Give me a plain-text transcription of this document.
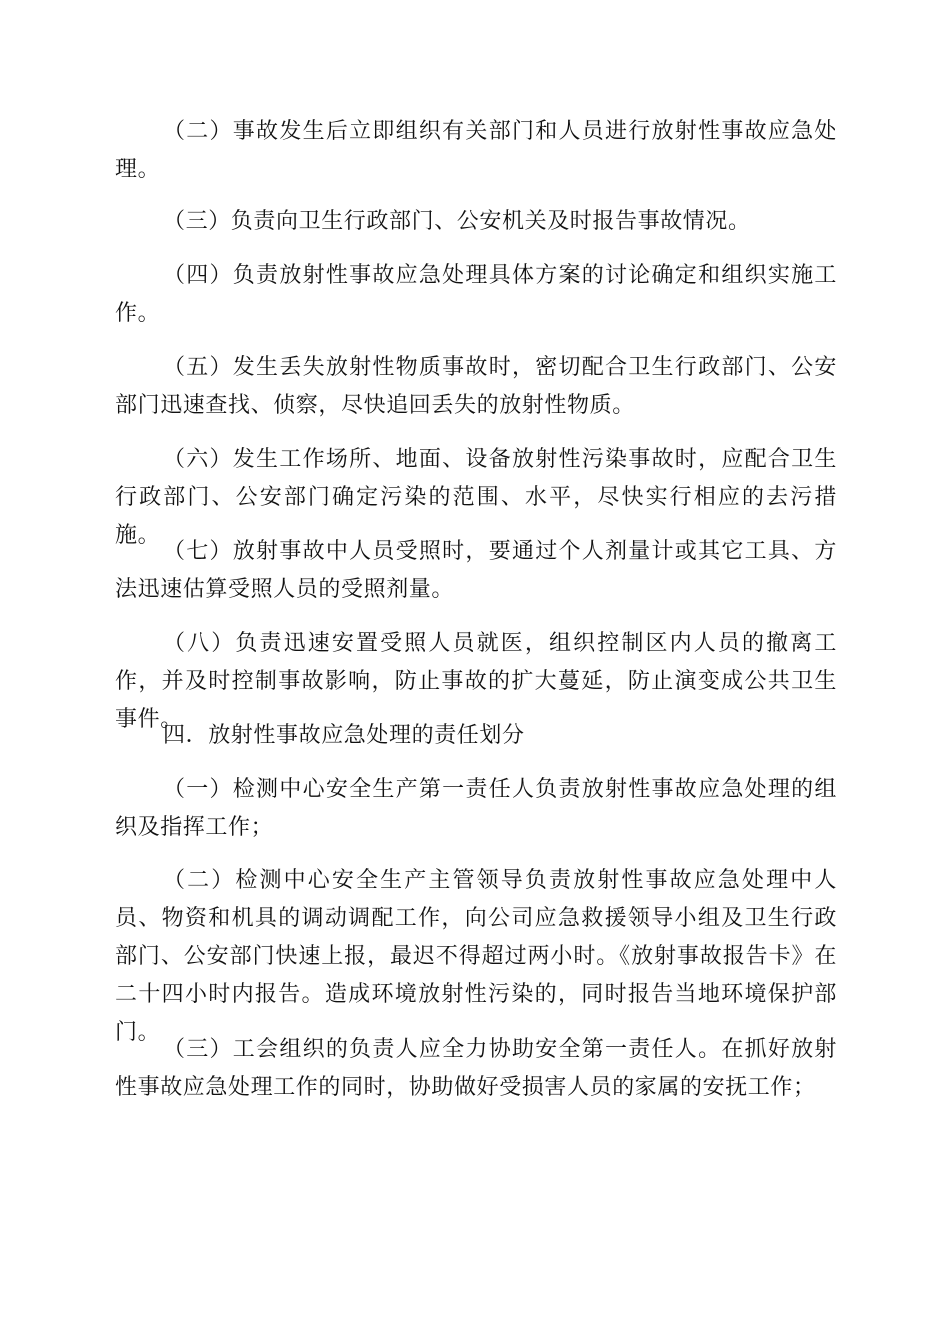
（二）事故发生后立即组织有关部门和人员进行放射性事故应急处理。

（三）负责向卫生行政部门、公安机关及时报告事故情况。

（四）负责放射性事故应急处理具体方案的讨论确定和组织实施工作。

（五）发生丢失放射性物质事故时，密切配合卫生行政部门、公安部门迅速查找、侦察，尽快追回丢失的放射性物质。

（六）发生工作场所、地面、设备放射性污染事故时，应配合卫生行政部门、公安部门确定污染的范围、水平，尽快实行相应的去污措施。

（七）放射事故中人员受照时，要通过个人剂量计或其它工具、方法迅速估算受照人员的受照剂量。

（八）负责迅速安置受照人员就医，组织控制区内人员的撤离工作，并及时控制事故影响，防止事故的扩大蔓延，防止演变成公共卫生事件。

四．放射性事故应急处理的责任划分

（一）检测中心安全生产第一责任人负责放射性事故应急处理的组织及指挥工作；

（二）检测中心安全生产主管领导负责放射性事故应急处理中人员、物资和机具的调动调配工作，向公司应急救援领导小组及卫生行政部门、公安部门快速上报，最迟不得超过两小时。《放射事故报告卡》在二十四小时内报告。造成环境放射性污染的，同时报告当地环境保护部门。

（三）工会组织的负责人应全力协助安全第一责任人。在抓好放射性事故应急处理工作的同时，协助做好受损害人员的家属的安抚工作；
